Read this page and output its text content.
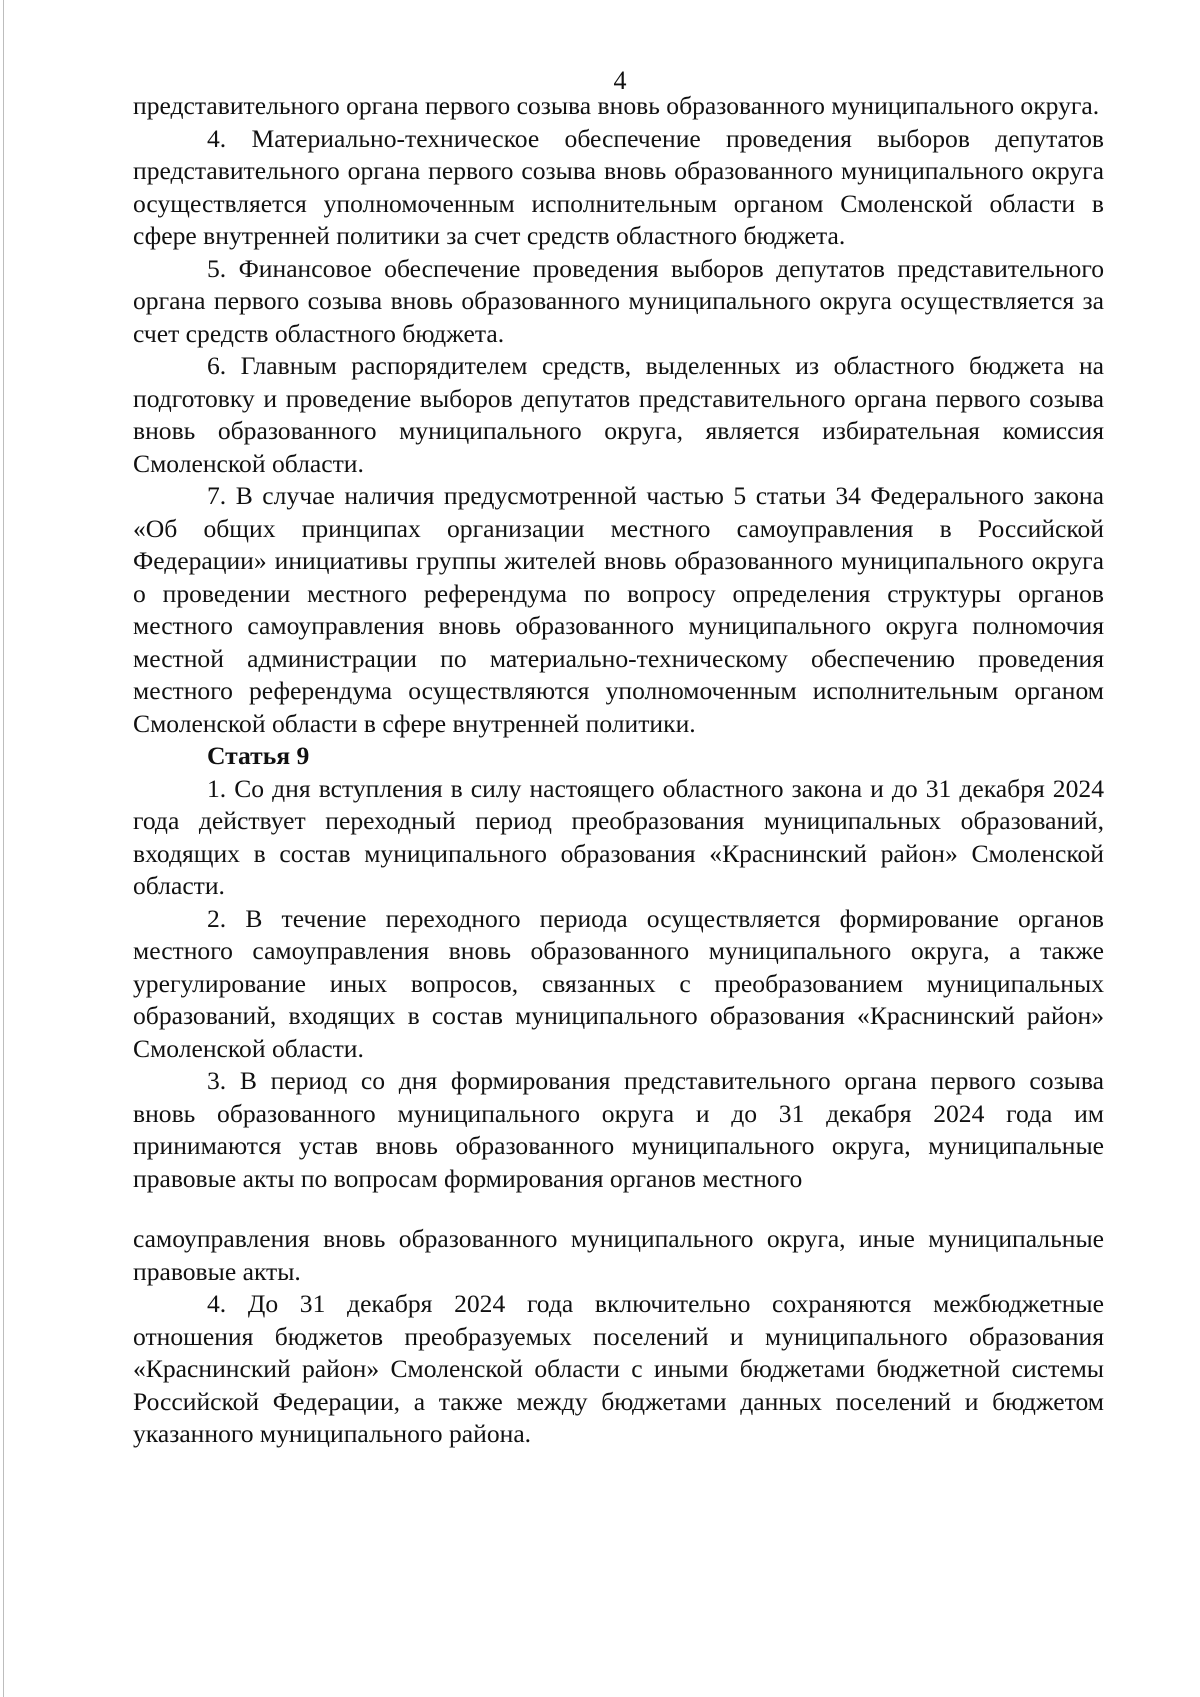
4

представительного органа первого созыва вновь образованного муниципального округа.

4. Материально-техническое обеспечение проведения выборов депутатов представительного органа первого созыва вновь образованного муниципального округа осуществляется уполномоченным исполнительным органом Смоленской области в сфере внутренней политики за счет средств областного бюджета.

5. Финансовое обеспечение проведения выборов депутатов представительного органа первого созыва вновь образованного муниципального округа осуществляется за счет средств областного бюджета.

6. Главным распорядителем средств, выделенных из областного бюджета на подготовку и проведение выборов депутатов представительного органа первого созыва вновь образованного муниципального округа, является избирательная комиссия Смоленской области.

7. В случае наличия предусмотренной частью 5 статьи 34 Федерального закона «Об общих принципах организации местного самоуправления в Российской Федерации» инициативы группы жителей вновь образованного муниципального округа о проведении местного референдума по вопросу определения структуры органов местного самоуправления вновь образованного муниципального округа полномочия местной администрации по материально-техническому обеспечению проведения местного референдума осуществляются уполномоченным исполнительным органом Смоленской области в сфере внутренней политики.

Статья 9

1. Со дня вступления в силу настоящего областного закона и до 31 декабря 2024 года действует переходный период преобразования муниципальных образований, входящих в состав муниципального образования «Краснинский район» Смоленской области.

2. В течение переходного периода осуществляется формирование органов местного самоуправления вновь образованного муниципального округа, а также урегулирование иных вопросов, связанных с преобразованием муниципальных образований, входящих в состав муниципального образования «Краснинский район» Смоленской области.

3. В период со дня формирования представительного органа первого созыва вновь образованного муниципального округа и до 31 декабря 2024 года им принимаются устав вновь образованного муниципального округа, муниципальные правовые акты по вопросам формирования органов местного

самоуправления вновь образованного муниципального округа, иные муниципальные правовые акты.

4. До 31 декабря 2024 года включительно сохраняются межбюджетные отношения бюджетов преобразуемых поселений и муниципального образования «Краснинский район» Смоленской области с иными бюджетами бюджетной системы Российской Федерации, а также между бюджетами данных поселений и бюджетом указанного муниципального района.
